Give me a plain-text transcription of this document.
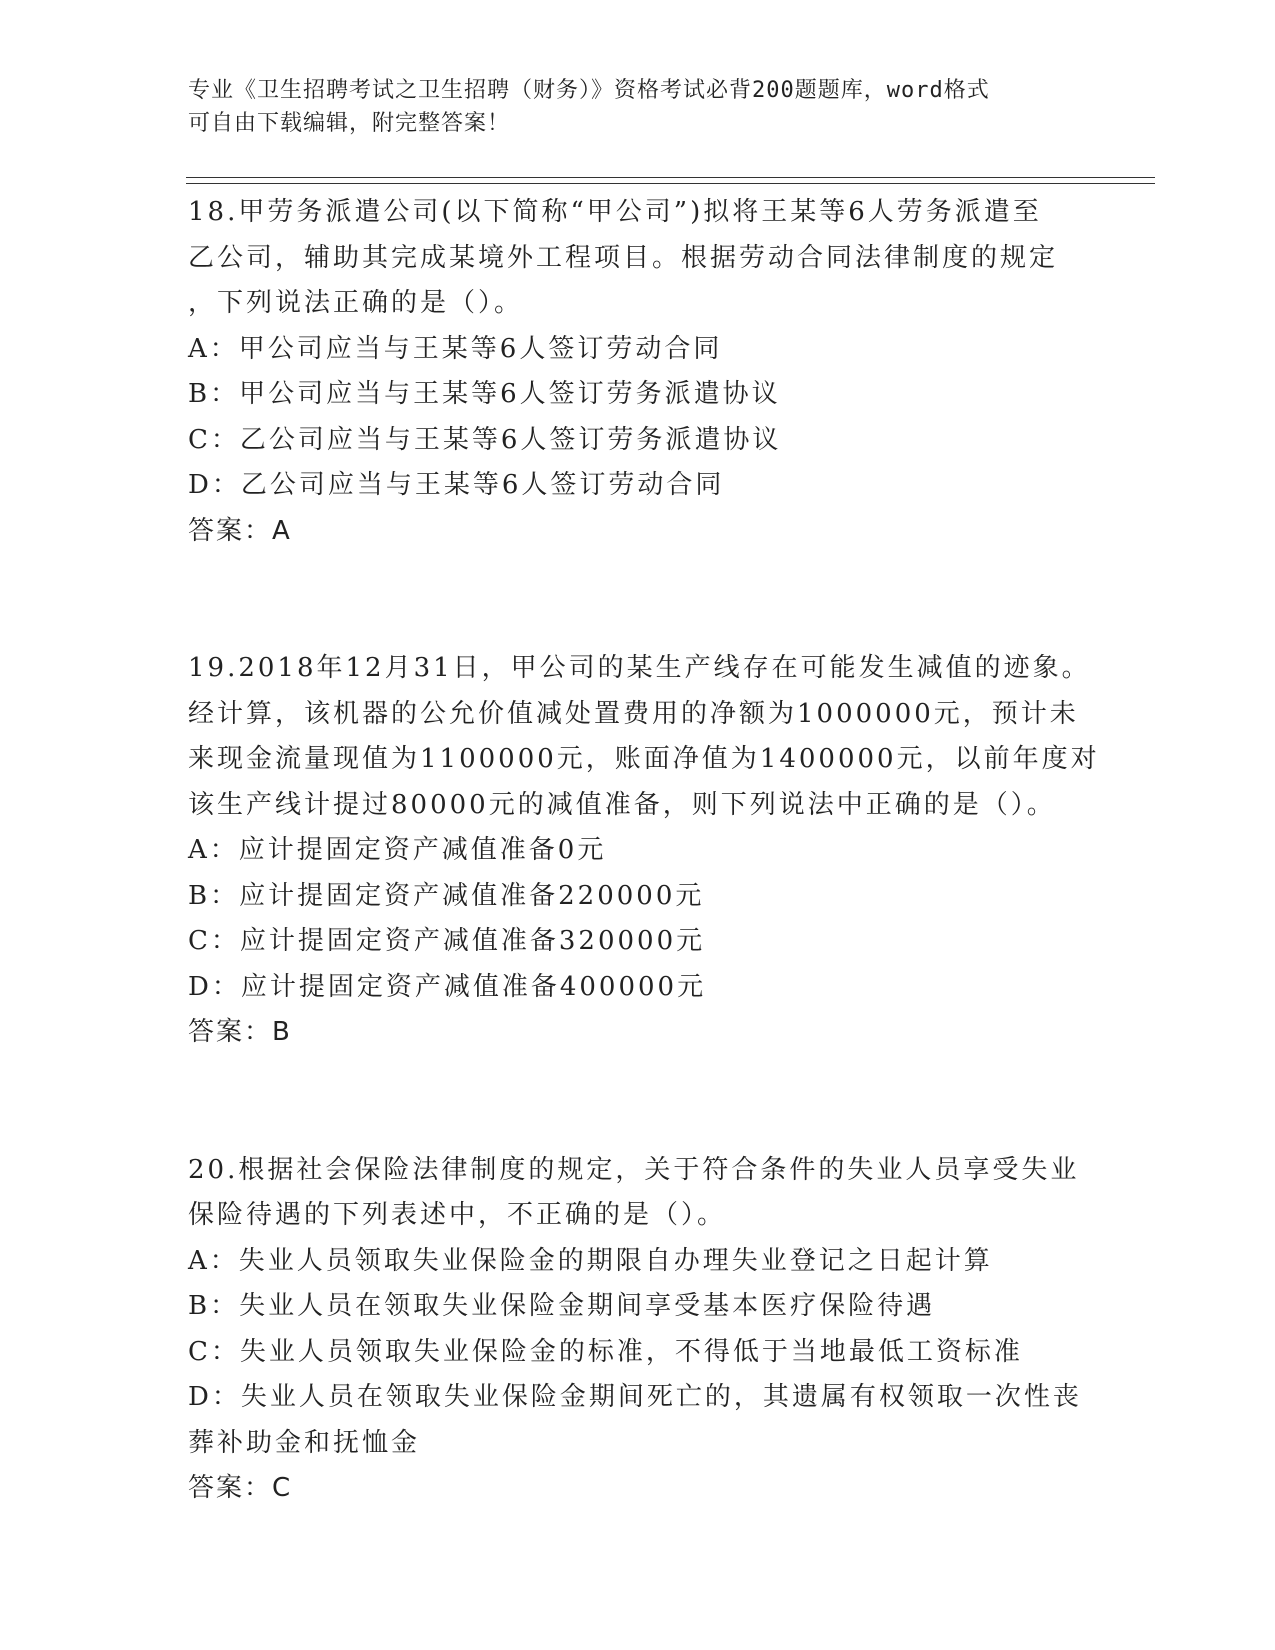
专业《卫生招聘考试之卫生招聘（财务）》资格考试必背200题题库，word格式
可自由下载编辑，附完整答案！
18.甲劳务派遣公司(以下简称“甲公司”)拟将王某等6人劳务派遣至
乙公司，辅助其完成某境外工程项目。根据劳动合同法律制度的规定
，下列说法正确的是（）。
A：甲公司应当与王某等6人签订劳动合同
B：甲公司应当与王某等6人签订劳务派遣协议
C：乙公司应当与王某等6人签订劳务派遣协议
D：乙公司应当与王某等6人签订劳动合同
答案：A
19.2018年12月31日，甲公司的某生产线存在可能发生减值的迹象。
经计算，该机器的公允价值减处置费用的净额为1000000元，预计未
来现金流量现值为1100000元，账面净值为1400000元，以前年度对
该生产线计提过80000元的减值准备，则下列说法中正确的是（）。
A：应计提固定资产减值准备0元
B：应计提固定资产减值准备220000元
C：应计提固定资产减值准备320000元
D：应计提固定资产减值准备400000元
答案：B
20.根据社会保险法律制度的规定，关于符合条件的失业人员享受失业
保险待遇的下列表述中，不正确的是（）。
A：失业人员领取失业保险金的期限自办理失业登记之日起计算
B：失业人员在领取失业保险金期间享受基本医疗保险待遇
C：失业人员领取失业保险金的标准，不得低于当地最低工资标准
D：失业人员在领取失业保险金期间死亡的，其遗属有权领取一次性丧
葬补助金和抚恤金
答案：C
